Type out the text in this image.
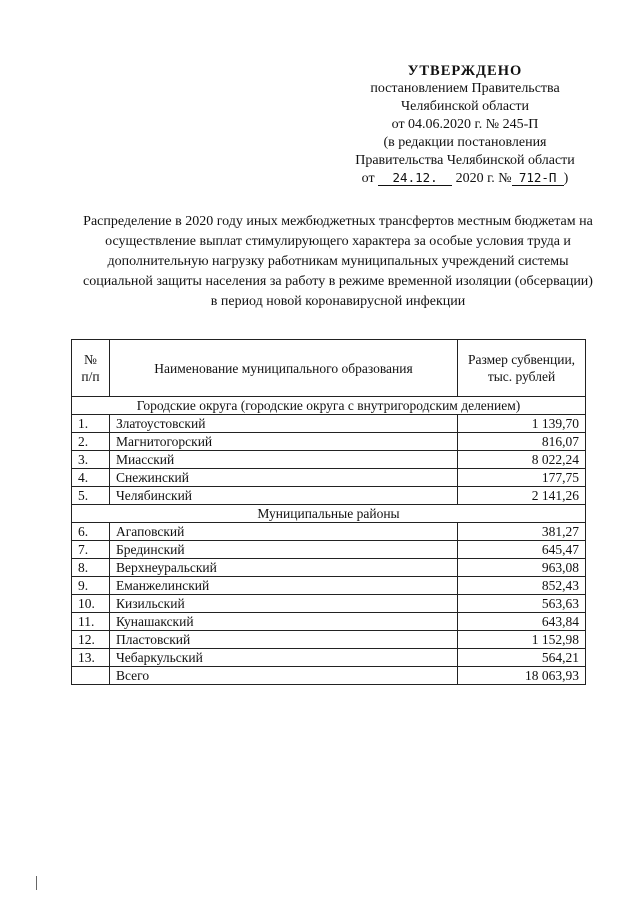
УТВЕРЖДЕНО
постановлением Правительства
Челябинской области
от 04.06.2020 г. № 245-П
(в редакции постановления
Правительства Челябинской области
от 24.12. 2020 г. № 712-П )
Распределение в 2020 году иных межбюджетных трансфертов местным бюджетам на осуществление выплат стимулирующего характера за особые условия труда и дополнительную нагрузку работникам муниципальных учреждений системы социальной защиты населения за работу в режиме временной изоляции (обсервации) в период новой коронавирусной инфекции
№ п/п	Наименование муниципального образования	Размер субвенции, тыс. рублей
Городские округа (городские округа с внутригородским делением)		
1.	Златоустовский	1 139,70
2.	Магнитогорский	816,07
3.	Миасский	8 022,24
4.	Снежинский	177,75
5.	Челябинский	2 141,26
Муниципальные районы		
6.	Агаповский	381,27
7.	Брединский	645,47
8.	Верхнеуральский	963,08
9.	Еманжелинский	852,43
10.	Кизильский	563,63
11.	Кунашакский	643,84
12.	Пластовский	1 152,98
13.	Чебаркульский	564,21
	Всего	18 063,93
